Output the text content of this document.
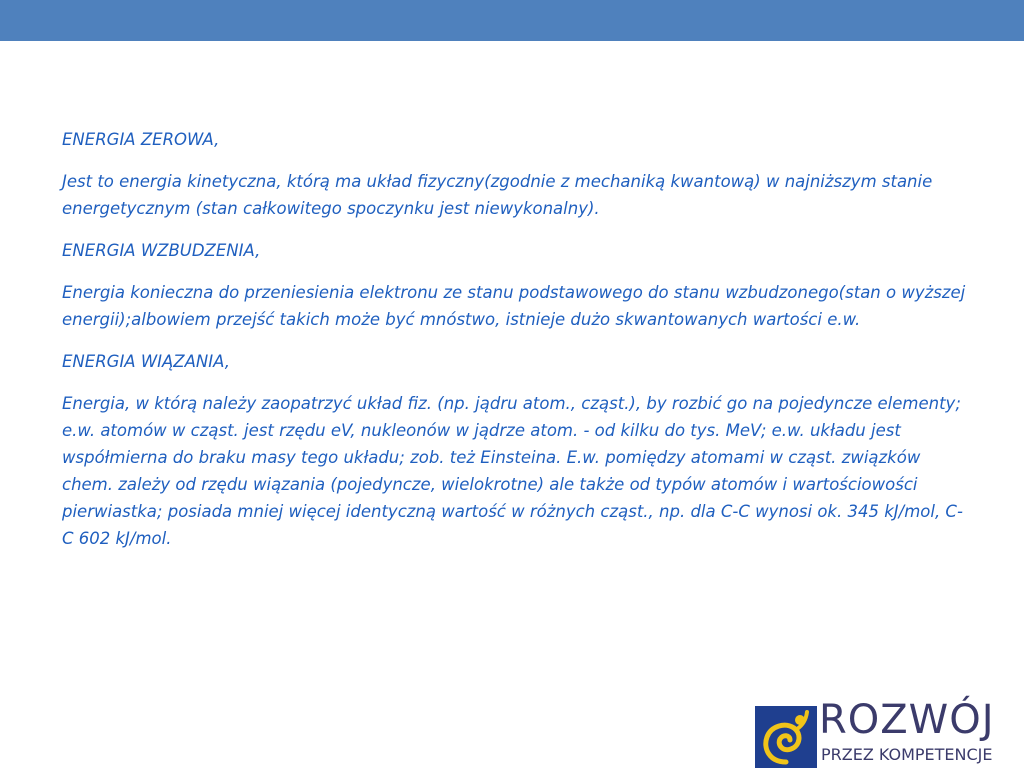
ENERGIA ZEROWA,

Jest to energia kinetyczna, którą ma układ fizyczny(zgodnie z mechaniką kwantową) w najniższym stanie energetycznym (stan całkowitego spoczynku jest niewykonalny).

ENERGIA WZBUDZENIA,

Energia konieczna do przeniesienia elektronu ze stanu podstawowego do stanu wzbudzonego(stan o wyższej energii);albowiem przejść takich może być mnóstwo, istnieje dużo skwantowanych wartości e.w.

ENERGIA WIĄZANIA,

Energia, w którą należy zaopatrzyć układ fiz. (np. jądru atom., cząst.), by rozbić go na pojedyncze elementy; e.w. atomów w cząst. jest rzędu eV, nukleonów w jądrze atom. - od kilku do tys. MeV; e.w. układu jest współmierna do braku masy tego układu; zob. też Einsteina. E.w. pomiędzy atomami w cząst. związków chem. zależy od rzędu wiązania (pojedyncze, wielokrotne) ale także od typów atomów i wartościowości pierwiastka; posiada mniej więcej identyczną wartość w różnych cząst., np. dla C-C wynosi ok. 345 kJ/mol, C-C 602 kJ/mol.

ROZWÓJ
PRZEZ KOMPETENCJE
